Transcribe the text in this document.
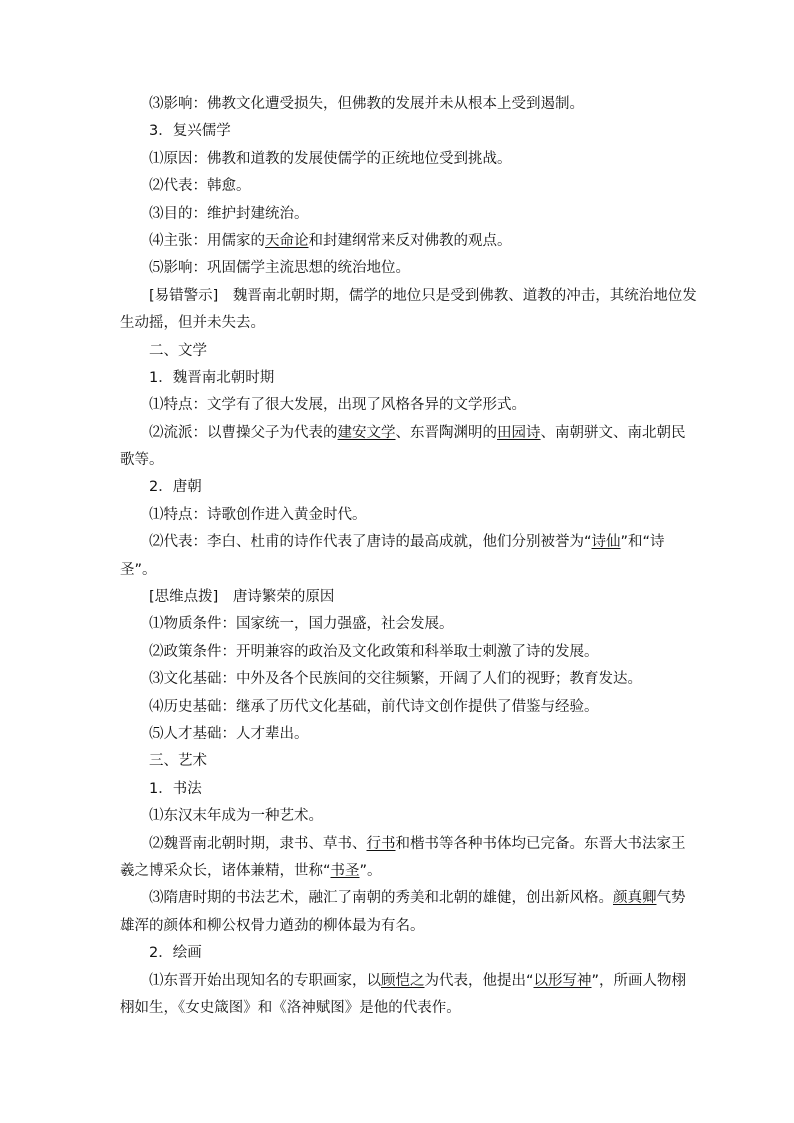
⑶影响：佛教文化遭受损失，但佛教的发展并未从根本上受到遏制。
3．复兴儒学
⑴原因：佛教和道教的发展使儒学的正统地位受到挑战。
⑵代表：韩愈。
⑶目的：维护封建统治。
⑷主张：用儒家的天命论和封建纲常来反对佛教的观点。
⑸影响：巩固儒学主流思想的统治地位。
[易错警示]　魏晋南北朝时期，儒学的地位只是受到佛教、道教的冲击，其统治地位发
生动摇，但并未失去。
二、文学
1．魏晋南北朝时期
⑴特点：文学有了很大发展，出现了风格各异的文学形式。
⑵流派：以曹操父子为代表的建安文学、东晋陶渊明的田园诗、南朝骈文、南北朝民
歌等。
2．唐朝
⑴特点：诗歌创作进入黄金时代。
⑵代表：李白、杜甫的诗作代表了唐诗的最高成就，他们分别被誉为“诗仙”和“诗
圣”。
[思维点拨]　唐诗繁荣的原因
⑴物质条件：国家统一，国力强盛，社会发展。
⑵政策条件：开明兼容的政治及文化政策和科举取士刺激了诗的发展。
⑶文化基础：中外及各个民族间的交往频繁，开阔了人们的视野；教育发达。
⑷历史基础：继承了历代文化基础，前代诗文创作提供了借鉴与经验。
⑸人才基础：人才辈出。
三、艺术
1．书法
⑴东汉末年成为一种艺术。
⑵魏晋南北朝时期，隶书、草书、行书和楷书等各种书体均已完备。东晋大书法家王
羲之博采众长，诸体兼精，世称“书圣”。
⑶隋唐时期的书法艺术，融汇了南朝的秀美和北朝的雄健，创出新风格。颜真卿气势
雄浑的颜体和柳公权骨力遒劲的柳体最为有名。
2．绘画
⑴东晋开始出现知名的专职画家，以顾恺之为代表，他提出“以形写神”，所画人物栩
栩如生，《女史箴图》和《洛神赋图》是他的代表作。
